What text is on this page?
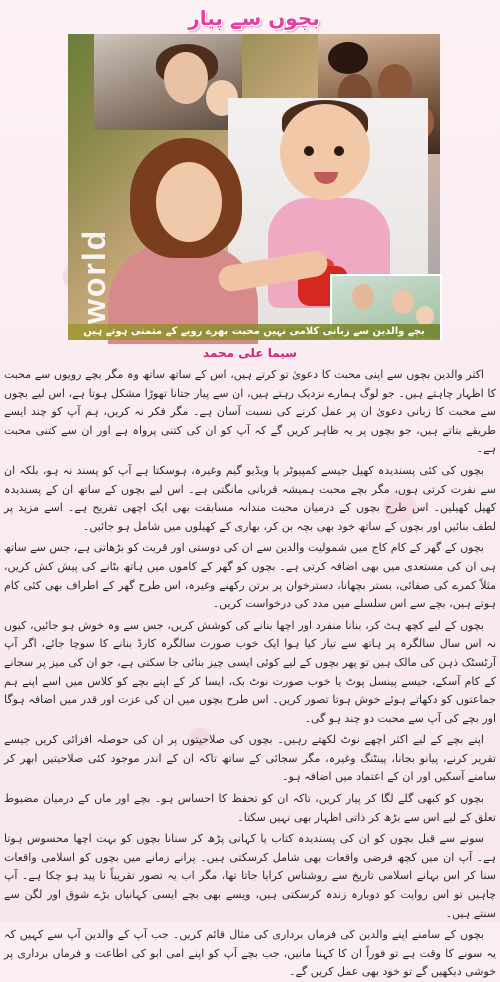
بچوں سے پیار
world
بچے والدین سے زبانی کلامی نہیں محبت بھرے رویے کے متمنی ہوتے ہیں
سیما علی محمد

اکثر والدین بچوں سے اپنی محبت کا دعویٰ تو کرتے ہیں، اس کے ساتھ ساتھ وہ مگر بچے رویوں سے محبت کا اظہار چاہتے ہیں۔ جو لوگ ہمارے نزدیک رہتے ہیں، ان سے پیار جتانا تھوڑا مشکل ہوتا ہے، اس لیے بچوں سے محبت کا زبانی دعویٰ ان پر عمل کرنے کی نسبت آسان ہے۔ مگر فکر نہ کریں، ہم آپ کو چند ایسے طریقے بتاتے ہیں، جو بچوں پر یہ ظاہر کریں گے کہ آپ کو ان کی کتنی پرواہ ہے اور ان سے کتنی محبت ہے۔

بچوں کی کئی پسندیدہ کھیل جیسے کمپیوٹر یا ویڈیو گیم وغیرہ، ہوسکتا ہے آپ کو پسند نہ ہو، بلکہ ان سے نفرت کرتی ہوں، مگر بچے محبت ہمیشہ قربانی مانگتی ہے۔ اس لیے بچوں کے ساتھ ان کے پسندیدہ کھیل کھیلیں۔ اس طرح بچوں کے درمیان محبت مندانہ مسابقت بھی ایک اچھی تفریح ہے۔ اسے مزید پر لطف بنائیں اور بچوں کے ساتھ خود بھی بچہ بن کر، بھاری کے کھیلوں میں شامل ہو جائیں۔

بچوں کے گھر کے کام کاج میں شمولیت والدین سے ان کی دوستی اور قربت کو بڑھاتی ہے، جس سے ساتھ ہی ان کی مستعدی میں بھی اضافہ کرتی ہے۔ بچوں کو گھر کے کاموں میں ہاتھ بٹانے کی پیش کش کریں، مثلاً کمرے کی صفائی، بستر بچھانا، دسترخوان پر برتن رکھنے وغیرہ، اس طرح گھر کے اطراف بھی کئی کام ہوتے ہیں، بچے سے اس سلسلے میں مدد کی درخواست کریں۔

بچوں کے لیے کچھ ہٹ کر، بنانا منفرد اور اچھا بنانے کی کوشش کریں، جس سے وہ خوش ہو جائیں، کیوں نہ اس سال سالگرہ پر ہاتھ سے تیار کیا ہوا ایک خوب صورت سالگرہ کارڈ بنانے کا سوچا جائے، اگر آپ آرٹسٹک ذہن کی مالک ہیں تو پھر بچوں کے لیے کوئی ایسی چیز بنائی جا سکتی ہے، جو ان کی میز پر سجانے کے کام آسکے، جیسے پینسل پوٹ یا خوب صورت نوٹ بک، ایسا کر کے اپنے بچے کو کلاس میں اسے اپنے ہم جماعتوں کو دکھاتے ہوئے خوش ہوتا تصور کریں۔ اس طرح بچوں میں ان کی عزت اور قدر میں اضافہ ہوگا اور بچے کی آپ سے محبت دو چند ہو گی۔

اپنے بچے کے لیے اکثر اچھے نوٹ لکھتے رہیں۔ بچوں کی صلاحیتوں پر ان کی حوصلہ افزائی کریں جیسے تقریر کرنے، پیانو بجانا، پینٹنگ وغیرہ، مگر سجائی کے ساتھ تاکہ ان کے اندر موجود کئی صلاحیتیں ابھر کر سامنے آسکیں اور ان کے اعتماد میں اضافہ ہو۔

بچوں کو کبھی گلے لگا کر پیار کریں، تاکہ ان کو تحفظ کا احساس ہو۔ بچے اور ماں کے درمیان مضبوط تعلق کے لیے اس سے بڑھ کر ذاتی اظہار بھی نہیں سکتا۔

سونے سے قبل بچوں کو ان کی پسندیدہ کتاب یا کہانی پڑھ کر سنانا بچوں کو بہت اچھا محسوس ہوتا ہے۔ آپ ان میں کچھ فرضی واقعات بھی شامل کرسکتی ہیں۔ پرانے زمانے میں بچوں کو اسلامی واقعات سنا کر اس بہانے اسلامی تاریخ سے روشناس کرایا جاتا تھا، مگر اب یہ تصور تقریباً نا پید ہو چکا ہے۔ آپ چاہیں تو اس روایت کو دوبارہ زندہ کرسکتی ہیں، ویسے بھی بچے ایسی کہانیاں بڑے شوق اور لگن سے سنتے ہیں۔

بچوں کے سامنے اپنے والدین کی فرماں برداری کی مثال قائم کریں۔ جب آپ کے والدین آپ سے کہیں کہ یہ سونے کا وقت ہے تو فوراً ان کا کہنا مانیں، جب بچے آپ کو اپنے امی ابو کی اطاعت و فرماں برداری پر خوشی دیکھیں گے تو خود بھی عمل کریں گے۔
